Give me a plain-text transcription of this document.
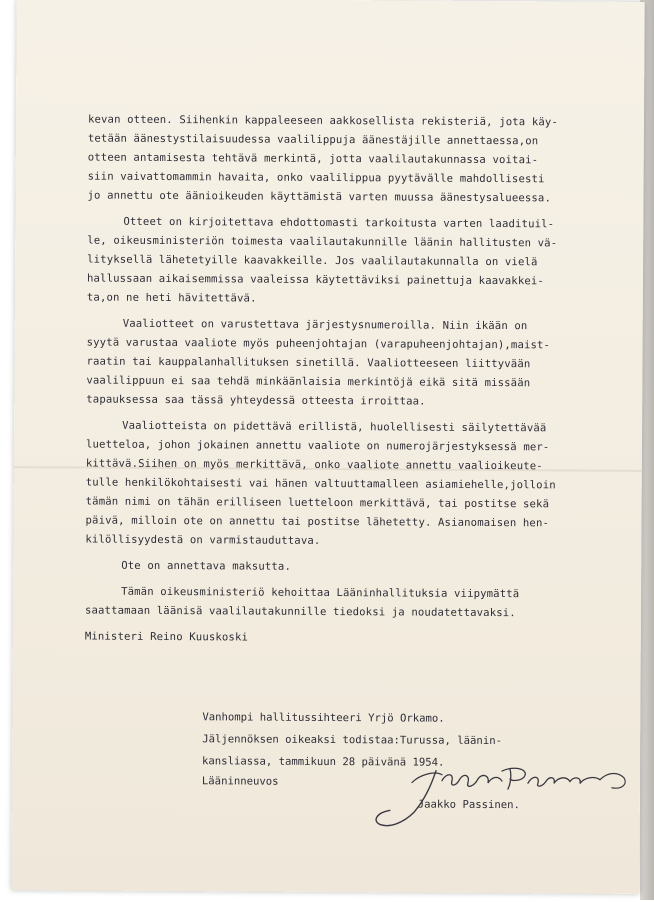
kevan otteen. Siihenkin kappaleeseen aakkosellista rekisteriä, jota käy-
tetään äänestystilaisuudessa vaalilippuja äänestäjille annettaessa,on
otteen antamisesta tehtävä merkintä, jotta vaalilautakunnassa voitai-
siin vaivattomammin havaita, onko vaalilippua pyytävälle mahdollisesti
jo annettu ote äänioikeuden käyttämistä varten muussa äänestysalueessa.
Otteet on kirjoitettava ehdottomasti tarkoitusta varten laadituil-
le, oikeusministeriön toimesta vaalilautakunnille läänin hallitusten vä-
lityksellä lähetetyille kaavakkeille. Jos vaalilautakunnalla on vielä
hallussaan aikaisemmissa vaaleissa käytettäviksi painettuja kaavakkei-
ta,on ne heti hävitettävä.
Vaaliotteet on varustettava järjestysnumeroilla. Niin ikään on
syytä varustaa vaaliote myös puheenjohtajan (varapuheenjohtajan),maist-
raatin tai kauppalanhallituksen sinetillä. Vaaliotteeseen liittyvään
vaalilippuun ei saa tehdä minkäänlaisia merkintöjä eikä sitä missään
tapauksessa saa tässä yhteydessä otteesta irroittaa.
Vaaliotteista on pidettävä erillistä, huolellisesti säilytettävää
luetteloa, johon jokainen annettu vaaliote on numerojärjestyksessä mer-
kittävä.Siihen on myös merkittävä, onko vaaliote annettu vaalioikeute-
tulle henkilökohtaisesti vai hänen valtuuttamalleen asiamiehelle,jolloin
tämän nimi on tähän erilliseen luetteloon merkittävä, tai postitse sekä
päivä, milloin ote on annettu tai postitse lähetetty. Asianomaisen hen-
kilöllisyydestä on varmistauduttava.
Ote on annettava maksutta.
Tämän oikeusministeriö kehoittaa Lääninhallituksia viipymättä
saattamaan läänisä vaalilautakunnille tiedoksi ja noudatettavaksi.
Ministeri Reino Kuuskoski
Vanhompi hallitussihteeri Yrjö Orkamo.
Jäljennöksen oikeaksi todistaa:Turussa, läänin-
kansliassa, tammikuun 28 päivänä 1954.
Lääninneuvos
Jaakko Passinen.
